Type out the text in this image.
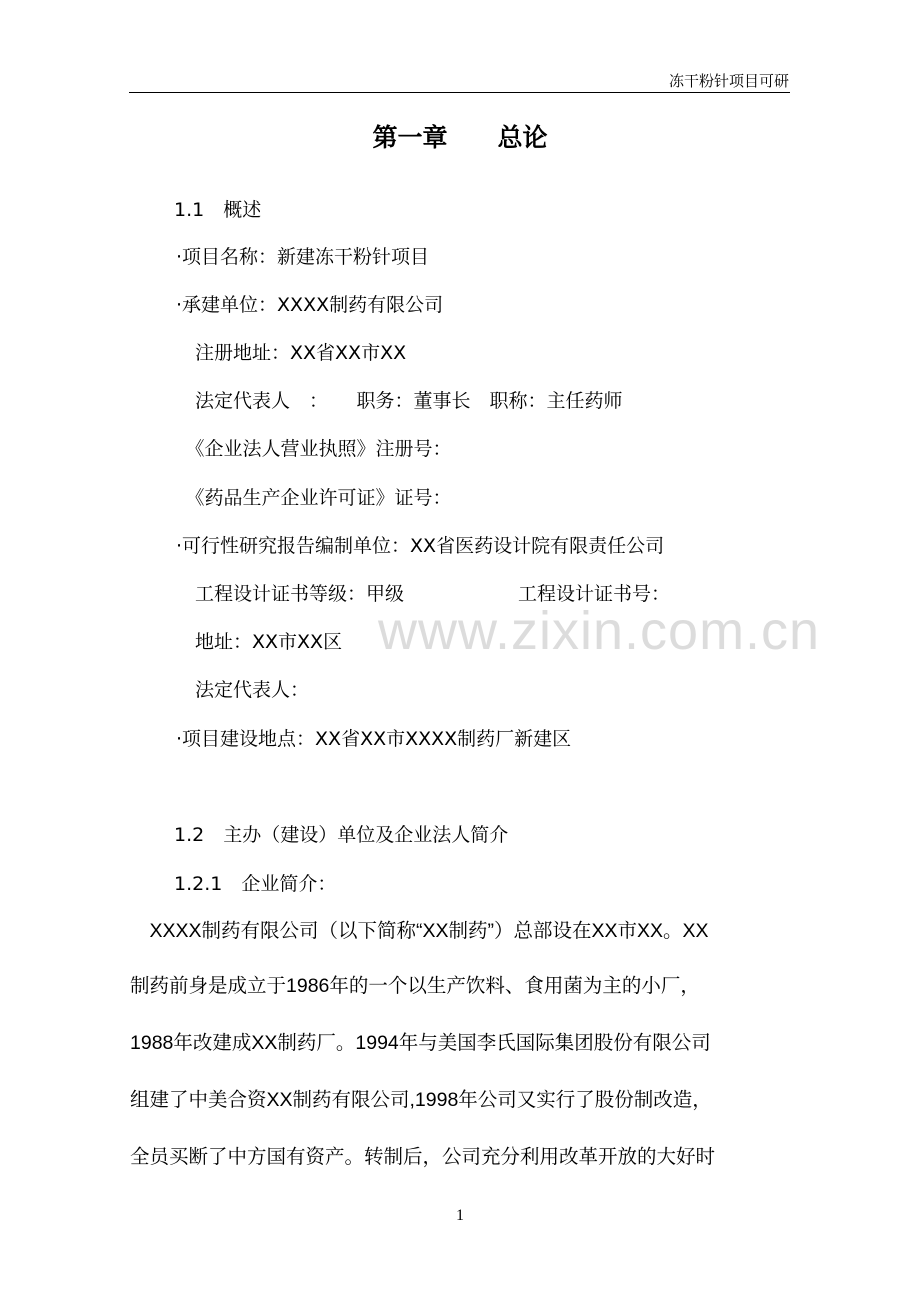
冻干粉针项目可研
第一章　　总论
1.1　概述
·项目名称：新建冻干粉针项目
·承建单位：XXXX制药有限公司
　注册地址：XX省XX市XX
　法定代表人　：　　职务：董事长　职称：主任药师
　《企业法人营业执照》注册号：
　《药品生产企业许可证》证号：
·可行性研究报告编制单位：XX省医药设计院有限责任公司
　工程设计证书等级：甲级　　　　　　工程设计证书号：
　地址：XX市XX区
　法定代表人：
·项目建设地点：XX省XX市XXXX制药厂新建区
1.2　主办（建设）单位及企业法人简介
1.2.1　企业简介：
　XXXX制药有限公司（以下简称“XX制药”）总部设在XX市XX。XX
制药前身是成立于1986年的一个以生产饮料、食用菌为主的小厂，
1988年改建成XX制药厂。1994年与美国李氏国际集团股份有限公司
组建了中美合资XX制药有限公司,1998年公司又实行了股份制改造，
全员买断了中方国有资产。转制后，公司充分利用改革开放的大好时
www.zixin.com.cn
1
